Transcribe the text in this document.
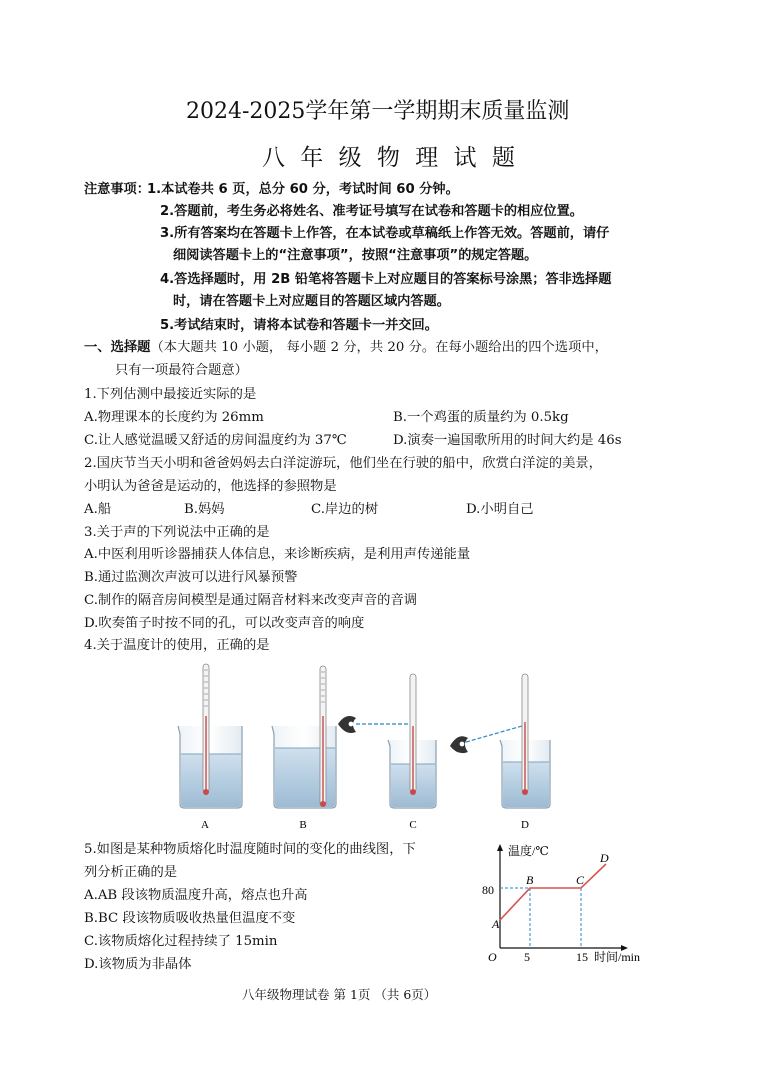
2024-2025学年第一学期期末质量监测
八 年 级 物 理 试 题
注意事项：
1.本试卷共 6 页，总分 60 分，考试时间 60 分钟。
2.答题前，考生务必将姓名、准考证号填写在试卷和答题卡的相应位置。
3.所有答案均在答题卡上作答，在本试卷或草稿纸上作答无效。答题前，请仔
细阅读答题卡上的“注意事项”，按照“注意事项”的规定答题。
4.答选择题时，用 2B 铅笔将答题卡上对应题目的答案标号涂黑；答非选择题
时，请在答题卡上对应题目的答题区域内答题。
5.考试结束时，请将本试卷和答题卡一并交回。
一、选择题（本大题共 10 小题， 每小题 2 分，共 20 分。在每小题给出的四个选项中，
只有一项最符合题意）
1.下列估测中最接近实际的是
A.物理课本的长度约为 26mm	B.一个鸡蛋的质量约为 0.5kg
C.让人感觉温暖又舒适的房间温度约为 37℃	D.演奏一遍国歌所用的时间大约是 46s
2.国庆节当天小明和爸爸妈妈去白洋淀游玩，他们坐在行驶的船中，欣赏白洋淀的美景，
小明认为爸爸是运动的，他选择的参照物是
A.船	B.妈妈	C.岸边的树	D.小明自己
3.关于声的下列说法中正确的是
A.中医利用听诊器捕获人体信息，来诊断疾病，是利用声传递能量
B.通过监测次声波可以进行风暴预警
C.制作的隔音房间模型是通过隔音材料来改变声音的音调
D.吹奏笛子时按不同的孔，可以改变声音的响度
4.关于温度计的使用，正确的是
A	B	C	D
5.如图是某种物质熔化时温度随时间的变化的曲线图，下
列分析正确的是
A.AB 段该物质温度升高，熔点也升高
B.BC 段该物质吸收热量但温度不变
C.该物质熔化过程持续了 15min
D.该物质为非晶体
温度/℃
时间/min
O
80
5	15
A
B	C
D
八年级物理试卷 第 1页 （共 6页）
